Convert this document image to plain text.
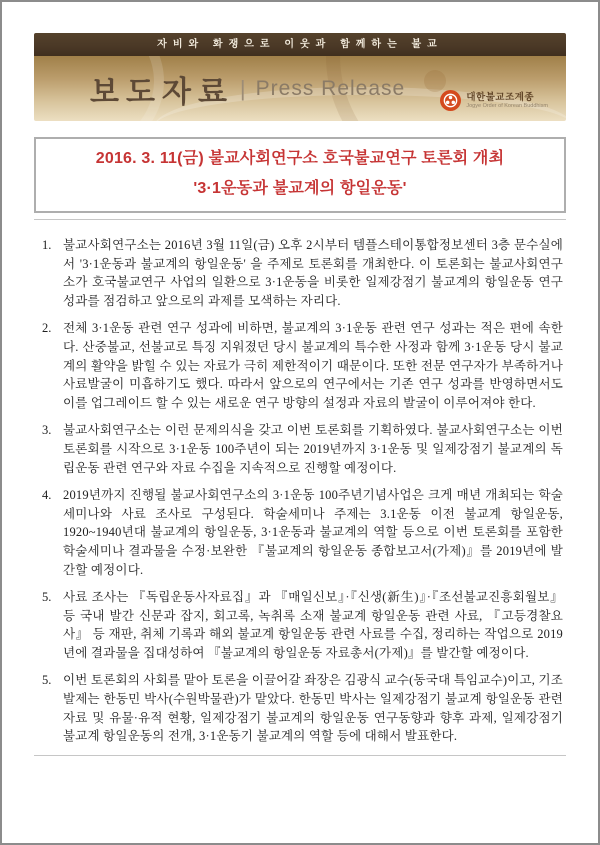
자비와 화쟁으로 이웃과 함께하는 불교
보도자료 | Press Release	대한불교조계종
Jogye Order of Korean Buddhism
2016. 3. 11(금) 불교사회연구소 호국불교연구 토론회 개최
'3·1운동과 불교계의 항일운동'
1. 불교사회연구소는 2016년 3월 11일(금) 오후 2시부터 템플스테이통합정보센터 3층 문수실에서 '3·1운동과 불교계의 항일운동' 을 주제로 토론회를 개최한다. 이 토론회는 불교사회연구소가 호국불교연구 사업의 일환으로 3·1운동을 비롯한 일제강점기 불교계의 항일운동 연구 성과를 점검하고 앞으로의 과제를 모색하는 자리다.
2. 전체 3·1운동 관련 연구 성과에 비하면, 불교계의 3·1운동 관련 연구 성과는 적은 편에 속한다. 산중불교, 선불교로 특징 지워졌던 당시 불교계의 특수한 사정과 함께 3·1운동 당시 불교계의 활약을 밝힐 수 있는 자료가 극히 제한적이기 때문이다. 또한 전문 연구자가 부족하거나 사료발굴이 미흡하기도 했다. 따라서 앞으로의 연구에서는 기존 연구 성과를 반영하면서도 이를 업그레이드 할 수 있는 새로운 연구 방향의 설정과 자료의 발굴이 이루어져야 한다.
3. 불교사회연구소는 이런 문제의식을 갖고 이번 토론회를 기획하였다. 불교사회연구소는 이번 토론회를 시작으로 3·1운동 100주년이 되는 2019년까지 3·1운동 및 일제강점기 불교계의 독립운동 관련 연구와 자료 수집을 지속적으로 진행할 예정이다.
4. 2019년까지 진행될 불교사회연구소의 3·1운동 100주년기념사업은 크게 매년 개최되는 학술세미나와 사료 조사로 구성된다. 학술세미나 주제는 3.1운동 이전 불교계 항일운동, 1920~1940년대 불교계의 항일운동, 3·1운동과 불교계의 역할 등으로 이번 토론회를 포함한 학술세미나 결과물을 수정·보완한 『불교계의 항일운동 종합보고서(가제)』를 2019년에 발간할 예정이다.
5. 사료 조사는 『독립운동사자료집』과 『매일신보』·『신생(新生)』·『조선불교진흥회월보』 등 국내 발간 신문과 잡지, 회고록, 녹취록 소재 불교계 항일운동 관련 사료, 『고등경찰요사』 등 재판, 취체 기록과 해외 불교계 항일운동 관련 사료를 수집, 정리하는 작업으로 2019년에 결과물을 집대성하여 『불교계의 항일운동 자료총서(가제)』를 발간할 예정이다.
5. 이번 토론회의 사회를 맡아 토론을 이끌어갈 좌장은 김광식 교수(동국대 특임교수)이고, 기조발제는 한동민 박사(수원박물관)가 맡았다. 한동민 박사는 일제강점기 불교계 항일운동 관련 자료 및 유물·유적 현황, 일제강점기 불교계의 항일운동 연구동향과 향후 과제, 일제강점기 불교계 항일운동의 전개, 3·1운동기 불교계의 역할 등에 대해서 발표한다.
